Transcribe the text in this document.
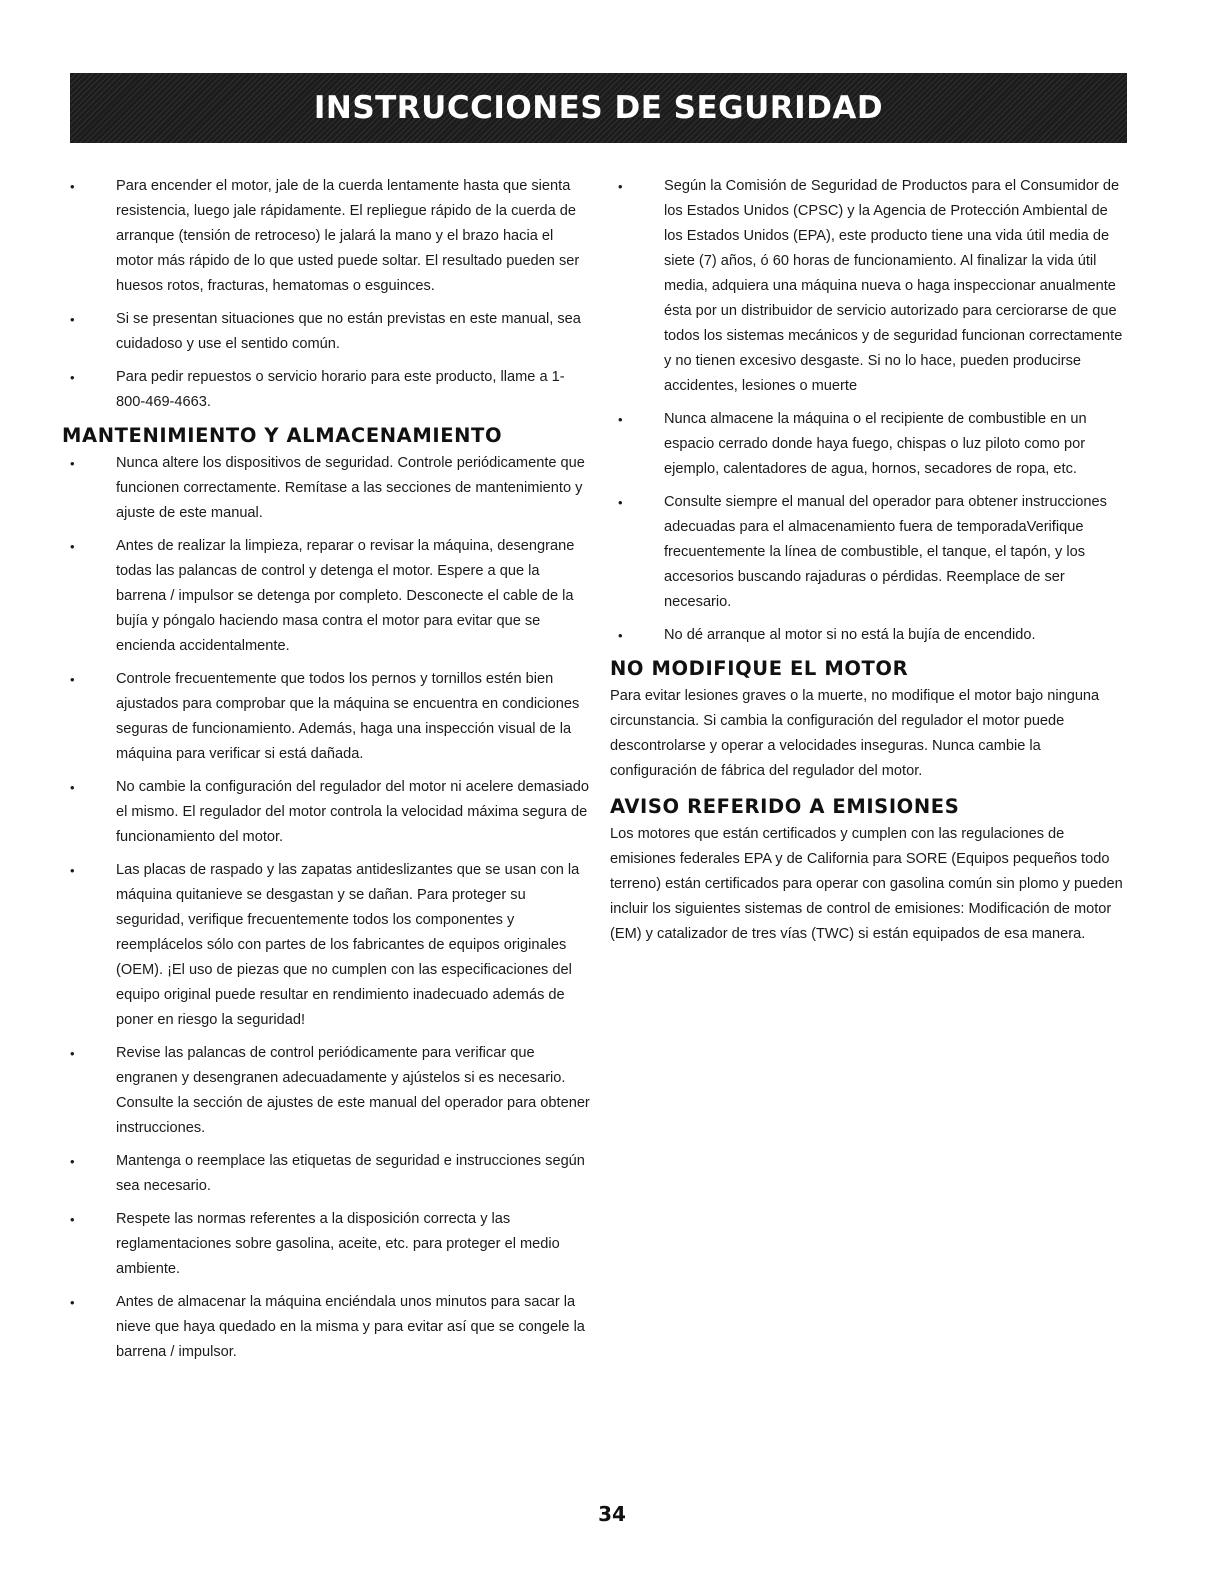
INSTRUCCIONES DE SEGURIDAD
•	Para encender el motor, jale de la cuerda lentamente hasta que sienta resistencia, luego jale rápidamente. El repliegue rápido de la cuerda de arranque (tensión de retroceso) le jalará la mano y el brazo hacia el motor más rápido de lo que usted puede soltar. El resultado pueden ser huesos rotos, fracturas, hematomas o esguinces.
•	Si se presentan situaciones que no están previstas en este manual, sea cuidadoso y use el sentido común.
•	Para pedir repuestos o servicio horario para este producto, llame a 1-800-469-4663.
MANTENIMIENTO Y ALMACENAMIENTO
•	Nunca altere los dispositivos de seguridad. Controle periódicamente que funcionen correctamente. Remítase a las secciones de mantenimiento y ajuste de este manual.
•	Antes de realizar la limpieza, reparar o revisar la máquina, desengrane todas las palancas de control y detenga el motor. Espere a que la barrena / impulsor se detenga por completo. Desconecte el cable de la bujía y póngalo haciendo masa contra el motor para evitar que se encienda accidentalmente.
•	Controle frecuentemente que todos los pernos y tornillos estén bien ajustados para comprobar que la máquina se encuentra en condiciones seguras de funcionamiento. Además, haga una inspección visual de la máquina para verificar si está dañada.
•	No cambie la configuración del regulador del motor ni acelere demasiado el mismo. El regulador del motor controla la velocidad máxima segura de funcionamiento del motor.
•	Las placas de raspado y las zapatas antideslizantes que se usan con la máquina quitanieve se desgastan y se dañan. Para proteger su seguridad, verifique frecuentemente todos los componentes y reemplácelos sólo con partes de los fabricantes de equipos originales (OEM). ¡El uso de piezas que no cumplen con las especificaciones del equipo original puede resultar en rendimiento inadecuado además de poner en riesgo la seguridad!
•	Revise las palancas de control periódicamente para verificar que engranen y desengranen adecuadamente y ajústelos si es necesario. Consulte la sección de ajustes de este manual del operador para obtener instrucciones.
•	Mantenga o reemplace las etiquetas de seguridad e instrucciones según sea necesario.
•	Respete las normas referentes a la disposición correcta y las reglamentaciones sobre gasolina, aceite, etc. para proteger el medio ambiente.
•	Antes de almacenar la máquina enciéndala unos minutos para sacar la nieve que haya quedado en la misma y para evitar así que se congele la barrena / impulsor.
•	Según la Comisión de Seguridad de Productos para el Consumidor de los Estados Unidos (CPSC) y la Agencia de Protección Ambiental de los Estados Unidos (EPA), este producto tiene una vida útil media de siete (7) años, ó 60 horas de funcionamiento. Al finalizar la vida útil media, adquiera una máquina nueva o haga inspeccionar anualmente ésta por un distribuidor de servicio autorizado para cerciorarse de que todos los sistemas mecánicos y de seguridad funcionan correctamente y no tienen excesivo desgaste. Si no lo hace, pueden producirse accidentes, lesiones o muerte
•	Nunca almacene la máquina o el recipiente de combustible en un espacio cerrado donde haya fuego, chispas o luz piloto como por ejemplo, calentadores de agua, hornos, secadores de ropa, etc.
•	Consulte siempre el manual del operador para obtener instrucciones adecuadas para el almacenamiento fuera de temporadaVerifique frecuentemente la línea de combustible, el tanque, el tapón, y los accesorios buscando rajaduras o pérdidas. Reemplace de ser necesario.
•	No dé arranque al motor si no está la bujía de encendido.
NO MODIFIQUE EL MOTOR

Para evitar lesiones graves o la muerte, no modifique el motor bajo ninguna circunstancia. Si cambia la configuración del regulador el motor puede descontrolarse y operar a velocidades inseguras. Nunca cambie la configuración de fábrica del regulador del motor.

AVISO REFERIDO A EMISIONES

Los motores que están certificados y cumplen con las regulaciones de emisiones federales EPA y de California para SORE (Equipos pequeños todo terreno) están certificados para operar con gasolina común sin plomo y pueden incluir los siguientes sistemas de control de emisiones: Modificación de motor (EM) y catalizador de tres vías (TWC) si están equipados de esa manera.

34
